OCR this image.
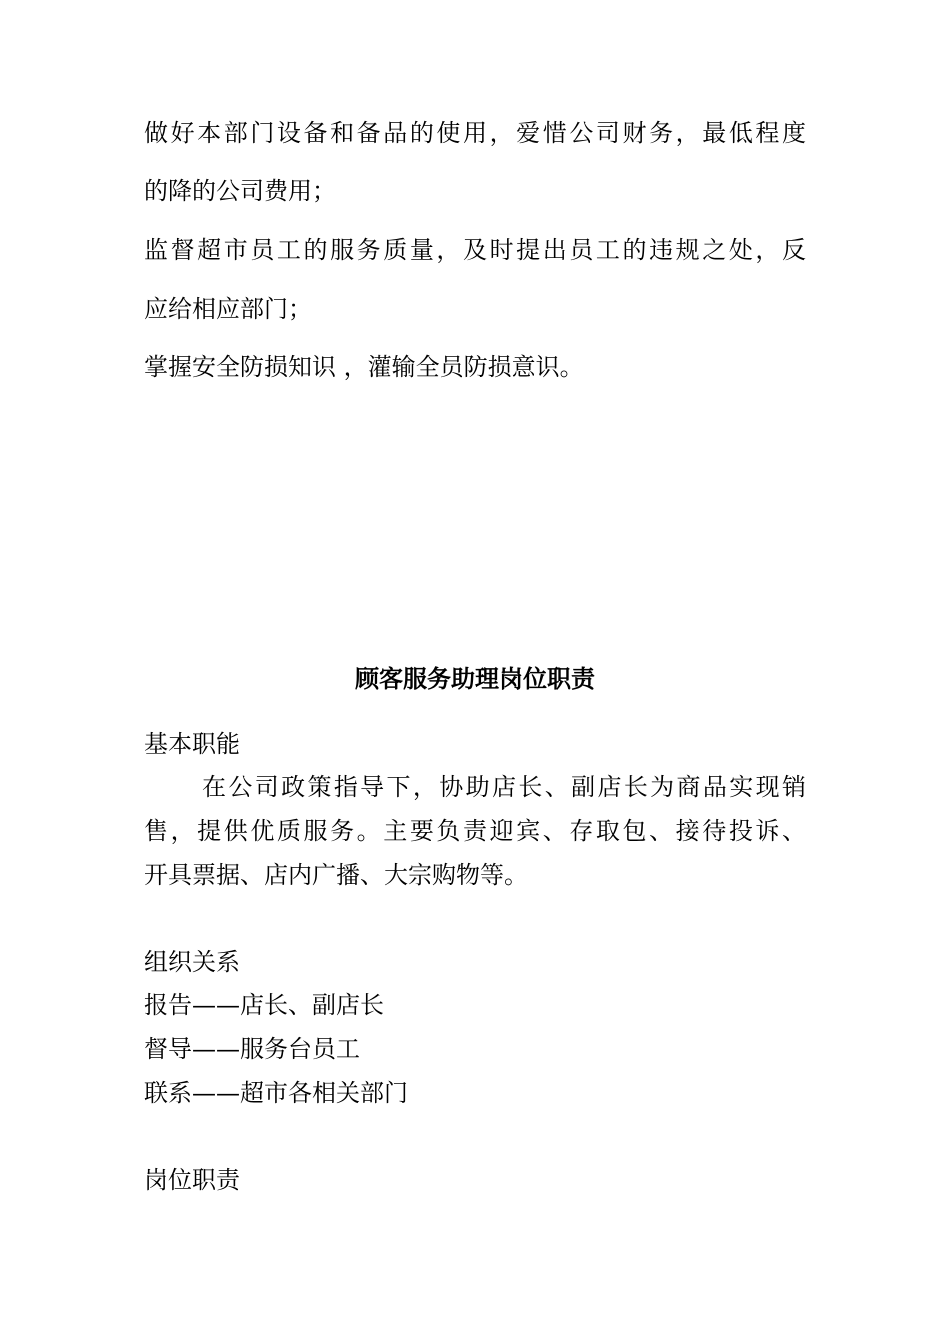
做好本部门设备和备品的使用，爱惜公司财务，最低程度
的降的公司费用；
监督超市员工的服务质量，及时提出员工的违规之处，反
应给相应部门；
掌握安全防损知识 ，灌输全员防损意识。
顾客服务助理岗位职责
基本职能
在公司政策指导下，协助店长、副店长为商品实现销
售，提供优质服务。主要负责迎宾、存取包、接待投诉、
开具票据、店内广播、大宗购物等。
组织关系
报告——店长、副店长
督导——服务台员工
联系——超市各相关部门
岗位职责
